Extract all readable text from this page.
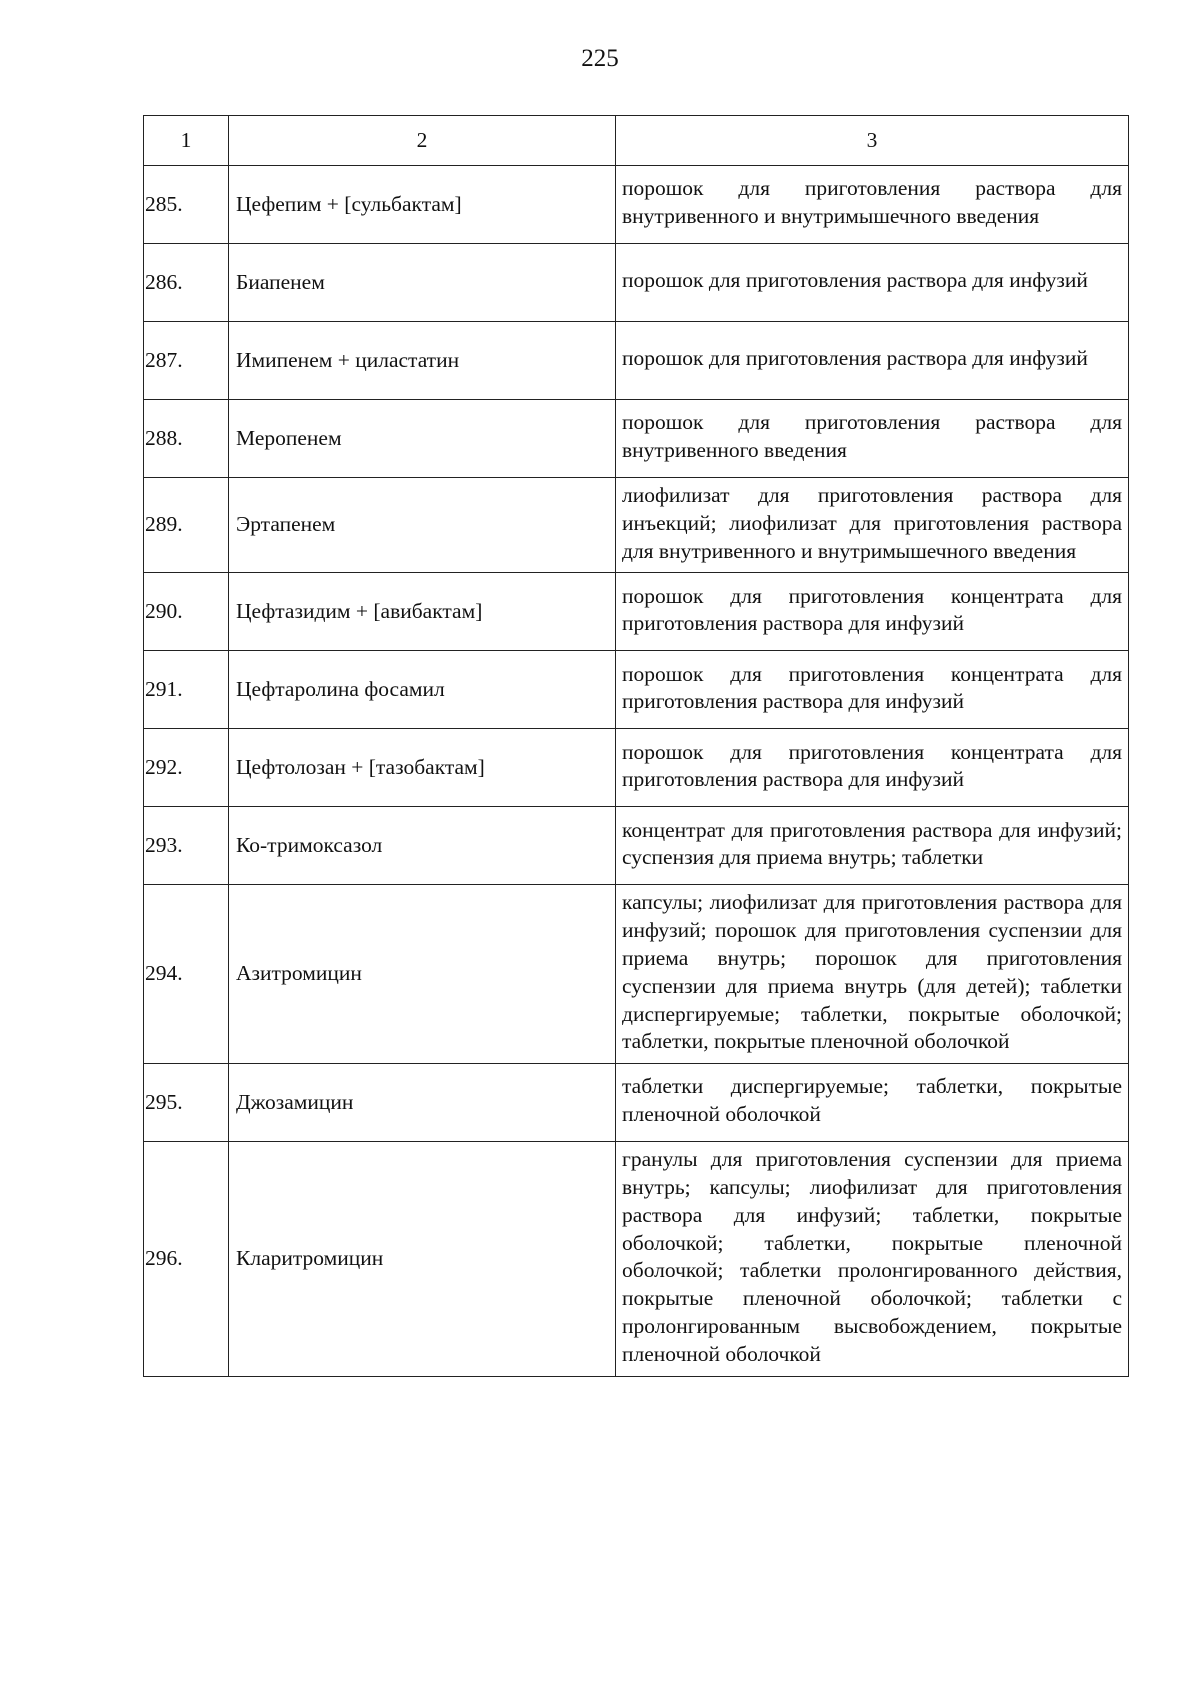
225
1	2	3
285.	Цефепим + [сульбактам]	порошок для приготовления раствора для внутривенного и внутримышечного введения
286.	Биапенем	порошок для приготовления раствора для инфузий
287.	Имипенем + циластатин	порошок для приготовления раствора для инфузий
288.	Меропенем	порошок для приготовления раствора для внутривенного введения
289.	Эртапенем	лиофилизат для приготовления раствора для инъекций; лиофилизат для приготовления раствора для внутривенного и внутримышечного введения
290.	Цефтазидим + [авибактам]	порошок для приготовления концентрата для приготовления раствора для инфузий
291.	Цефтаролина фосамил	порошок для приготовления концентрата для приготовления раствора для инфузий
292.	Цефтолозан + [тазобактам]	порошок для приготовления концентрата для приготовления раствора для инфузий
293.	Ко-тримоксазол	концентрат для приготовления раствора для инфузий; суспензия для приема внутрь; таблетки
294.	Азитромицин	капсулы; лиофилизат для приготовления раствора для инфузий; порошок для приготовления суспензии для приема внутрь; порошок для приготовления суспензии для приема внутрь (для детей); таблетки диспергируемые; таблетки, покрытые оболочкой; таблетки, покрытые пленочной оболочкой
295.	Джозамицин	таблетки диспергируемые; таблетки, покрытые пленочной оболочкой
296.	Кларитромицин	гранулы для приготовления суспензии для приема внутрь; капсулы; лиофилизат для приготовления раствора для инфузий; таблетки, покрытые оболочкой; таблетки, покрытые пленочной оболочкой; таблетки пролонгированного действия, покрытые пленочной оболочкой; таблетки с пролонгированным высвобождением, покрытые пленочной оболочкой
